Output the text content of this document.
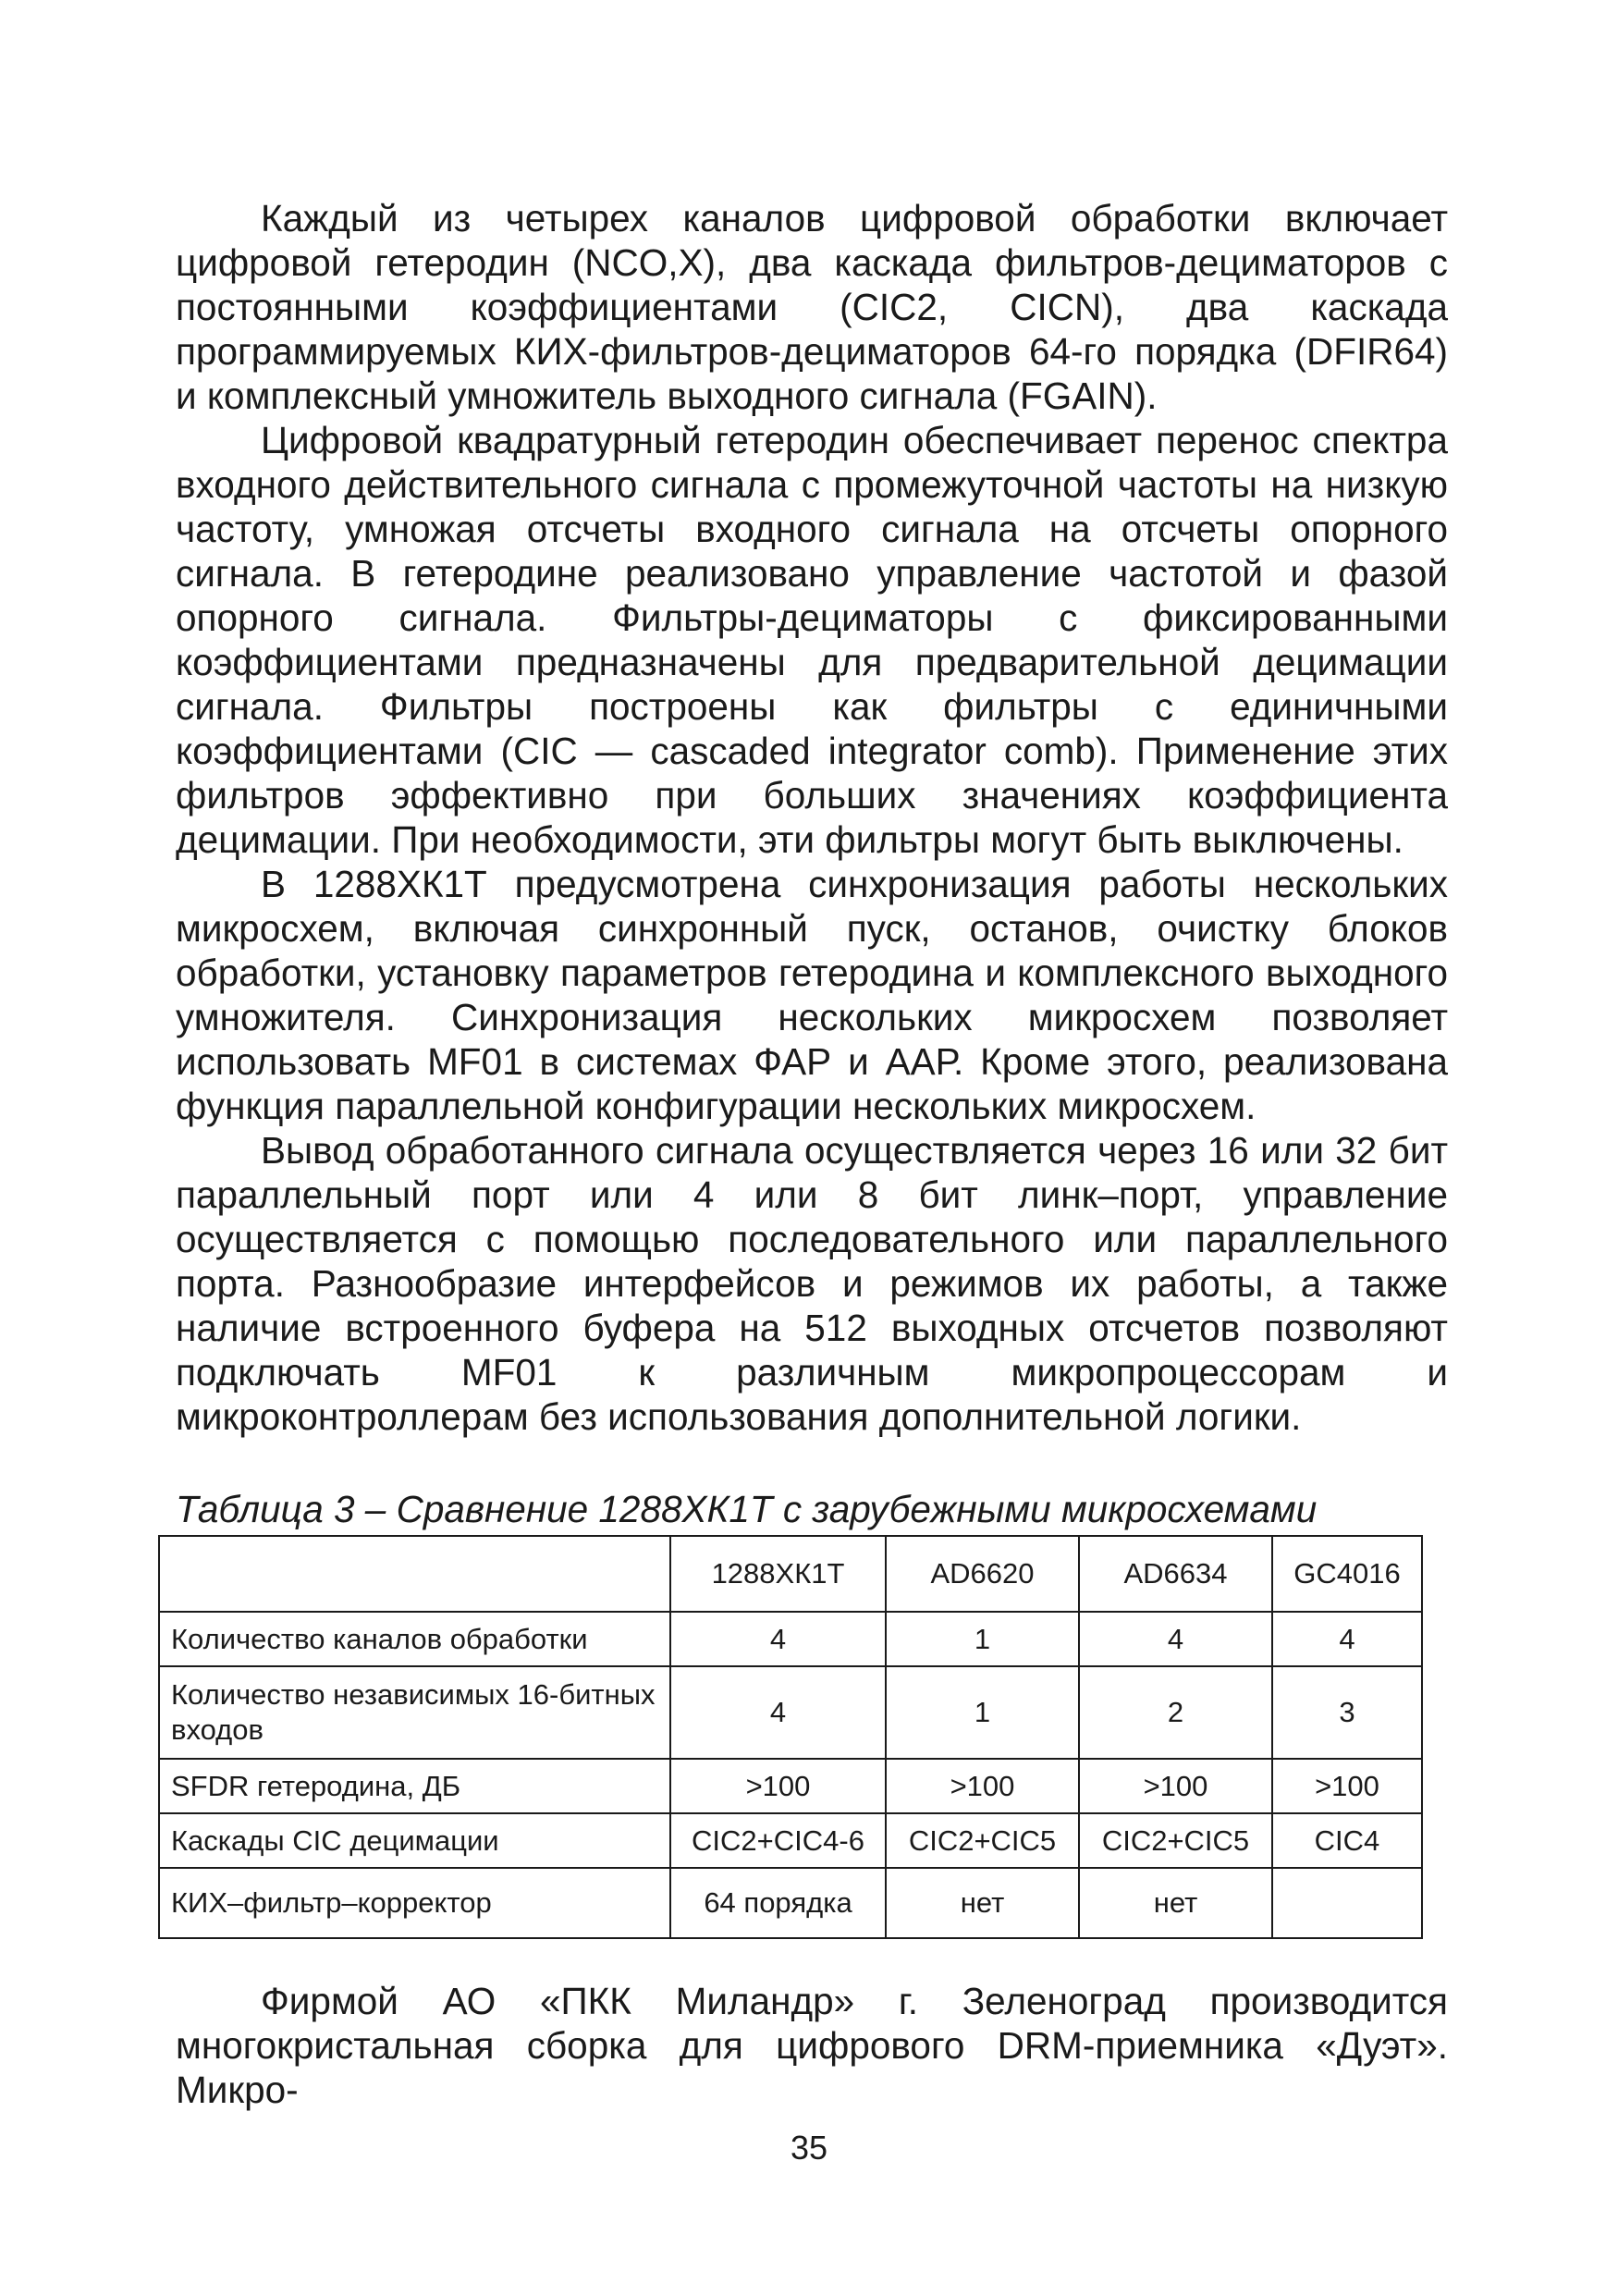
Каждый из четырех каналов цифровой обработки включает цифровой гетеродин (NCO,X), два каскада фильтров-дециматоров с постоянными коэффициентами (CIC2, CICN), два каскада программируемых КИХ-фильтров-дециматоров 64-го порядка (DFIR64) и комплексный умножитель выходного сигнала (FGAIN).

Цифровой квадратурный гетеродин обеспечивает перенос спектра входного действительного сигнала с промежуточной частоты на низкую частоту, умножая отсчеты входного сигнала на отсчеты опорного сигнала. В гетеродине реализовано управление частотой и фазой опорного сигнала. Фильтры-дециматоры с фиксированными коэффициентами предназначены для предварительной децимации сигнала. Фильтры построены как фильтры с единичными коэффициентами (CIC — cascaded integrator comb). Применение этих фильтров эффективно при больших значениях коэффициента децимации. При необходимости, эти фильтры могут быть выключены.

В 1288ХК1Т предусмотрена синхронизация работы нескольких микросхем, включая синхронный пуск, останов, очистку блоков обработки, установку параметров гетеродина и комплексного выходного умножителя. Синхронизация нескольких микросхем позволяет использовать MF01 в системах ФАР и ААР. Кроме этого, реализована функция параллельной конфигурации нескольких микросхем.

Вывод обработанного сигнала осуществляется через 16 или 32 бит параллельный порт или 4 или 8 бит линк–порт, управление осуществляется с помощью последовательного или параллельного порта. Разнообразие интерфейсов и режимов их работы, а также наличие встроенного буфера на 512 выходных отсчетов позволяют подключать MF01 к различным микропроцессорам и микроконтроллерам без использования дополнительной логики.

Таблица 3 – Сравнение 1288ХК1Т с зарубежными микросхемами
	1288ХК1Т	AD6620	AD6634	GC4016
Количество каналов обработки	4	1	4	4
Количество независимых 16-битных входов	4	1	2	3
SFDR гетеродина, ДБ	>100	>100	>100	>100
Каскады CIC децимации	CIC2+CIC4-6	CIC2+CIC5	CIC2+CIC5	CIC4
КИХ–фильтр–корректор	64 порядка	нет	нет	

Фирмой АО «ПКК Миландр» г. Зеленоград производится многокристальная сборка для цифрового DRM-приемника «Дуэт». Микро-

35
